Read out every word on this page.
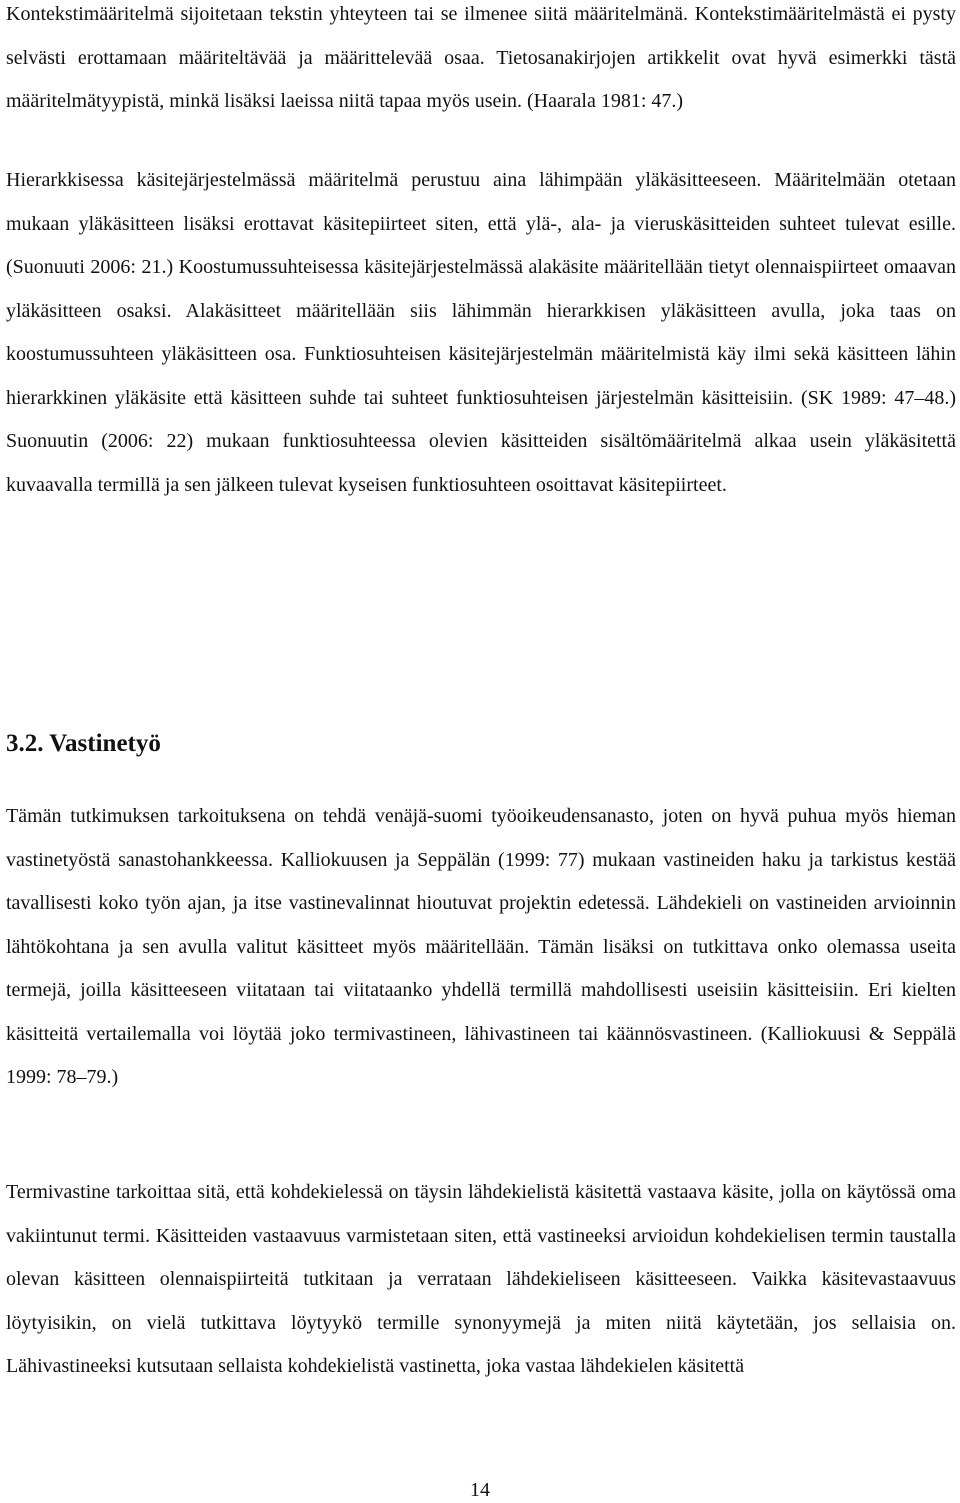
Kontekstimääritelmä sijoitetaan tekstin yhteyteen tai se ilmenee siitä määritelmänä. Kontekstimääritelmästä ei pysty selvästi erottamaan määriteltävää ja määrittelevää osaa. Tietosanakirjojen artikkelit ovat hyvä esimerkki tästä määritelmätyypistä, minkä lisäksi laeissa niitä tapaa myös usein. (Haarala 1981: 47.)

Hierarkkisessa käsitejärjestelmässä määritelmä perustuu aina lähimpään yläkäsitteeseen. Määritelmään otetaan mukaan yläkäsitteen lisäksi erottavat käsitepiirteet siten, että ylä-, ala- ja vieruskäsitteiden suhteet tulevat esille. (Suonuuti 2006: 21.) Koostumussuhteisessa käsitejärjestelmässä alakäsite määritellään tietyt olennaispiirteet omaavan yläkäsitteen osaksi. Alakäsitteet määritellään siis lähimmän hierarkkisen yläkäsitteen avulla, joka taas on koostumussuhteen yläkäsitteen osa. Funktiosuhteisen käsitejärjestelmän määritelmistä käy ilmi sekä käsitteen lähin hierarkkinen yläkäsite että käsitteen suhde tai suhteet funktiosuhteisen järjestelmän käsitteisiin. (SK 1989: 47–48.) Suonuutin (2006: 22) mukaan funktiosuhteessa olevien käsitteiden sisältömääritelmä alkaa usein yläkäsitettä kuvaavalla termillä ja sen jälkeen tulevat kyseisen funktiosuhteen osoittavat käsitepiirteet.

3.2. Vastinetyö

Tämän tutkimuksen tarkoituksena on tehdä venäjä-suomi työoikeudensanasto, joten on hyvä puhua myös hieman vastinetyöstä sanastohankkeessa. Kalliokuusen ja Seppälän (1999: 77) mukaan vastineiden haku ja tarkistus kestää tavallisesti koko työn ajan, ja itse vastinevalinnat hioutuvat projektin edetessä. Lähdekieli on vastineiden arvioinnin lähtökohtana ja sen avulla valitut käsitteet myös määritellään. Tämän lisäksi on tutkittava onko olemassa useita termejä, joilla käsitteeseen viitataan tai viitataanko yhdellä termillä mahdollisesti useisiin käsitteisiin. Eri kielten käsitteitä vertailemalla voi löytää joko termivastineen, lähivastineen tai käännösvastineen. (Kalliokuusi & Seppälä 1999: 78–79.)

Termivastine tarkoittaa sitä, että kohdekielessä on täysin lähdekielistä käsitettä vastaava käsite, jolla on käytössä oma vakiintunut termi. Käsitteiden vastaavuus varmistetaan siten, että vastineeksi arvioidun kohdekielisen termin taustalla olevan käsitteen olennaispiirteitä tutkitaan ja verrataan lähdekieliseen käsitteeseen. Vaikka käsitevastaavuus löytyisikin, on vielä tutkittava löytyykö termille synonyymejä ja miten niitä käytetään, jos sellaisia on. Lähivastineeksi kutsutaan sellaista kohdekielistä vastinetta, joka vastaa lähdekielen käsitettä

14
